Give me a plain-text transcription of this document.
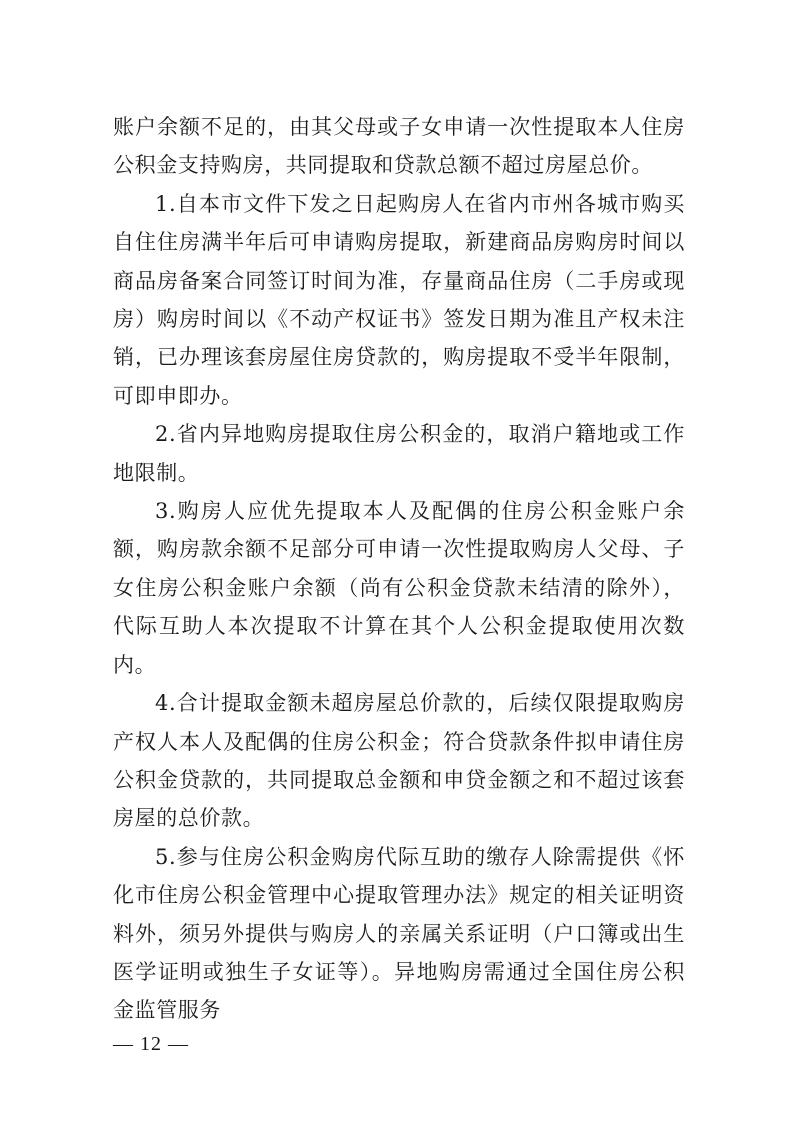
账户余额不足的，由其父母或子女申请一次性提取本人住房公积金支持购房，共同提取和贷款总额不超过房屋总价。

1.自本市文件下发之日起购房人在省内市州各城市购买自住住房满半年后可申请购房提取，新建商品房购房时间以商品房备案合同签订时间为准，存量商品住房（二手房或现房）购房时间以《不动产权证书》签发日期为准且产权未注销，已办理该套房屋住房贷款的，购房提取不受半年限制，可即申即办。

2.省内异地购房提取住房公积金的，取消户籍地或工作地限制。

3.购房人应优先提取本人及配偶的住房公积金账户余额，购房款余额不足部分可申请一次性提取购房人父母、子女住房公积金账户余额（尚有公积金贷款未结清的除外），代际互助人本次提取不计算在其个人公积金提取使用次数内。

4.合计提取金额未超房屋总价款的，后续仅限提取购房产权人本人及配偶的住房公积金；符合贷款条件拟申请住房公积金贷款的，共同提取总金额和申贷金额之和不超过该套房屋的总价款。

5.参与住房公积金购房代际互助的缴存人除需提供《怀化市住房公积金管理中心提取管理办法》规定的相关证明资料外，须另外提供与购房人的亲属关系证明（户口簿或出生医学证明或独生子女证等）。异地购房需通过全国住房公积金监管服务

— 12 —
